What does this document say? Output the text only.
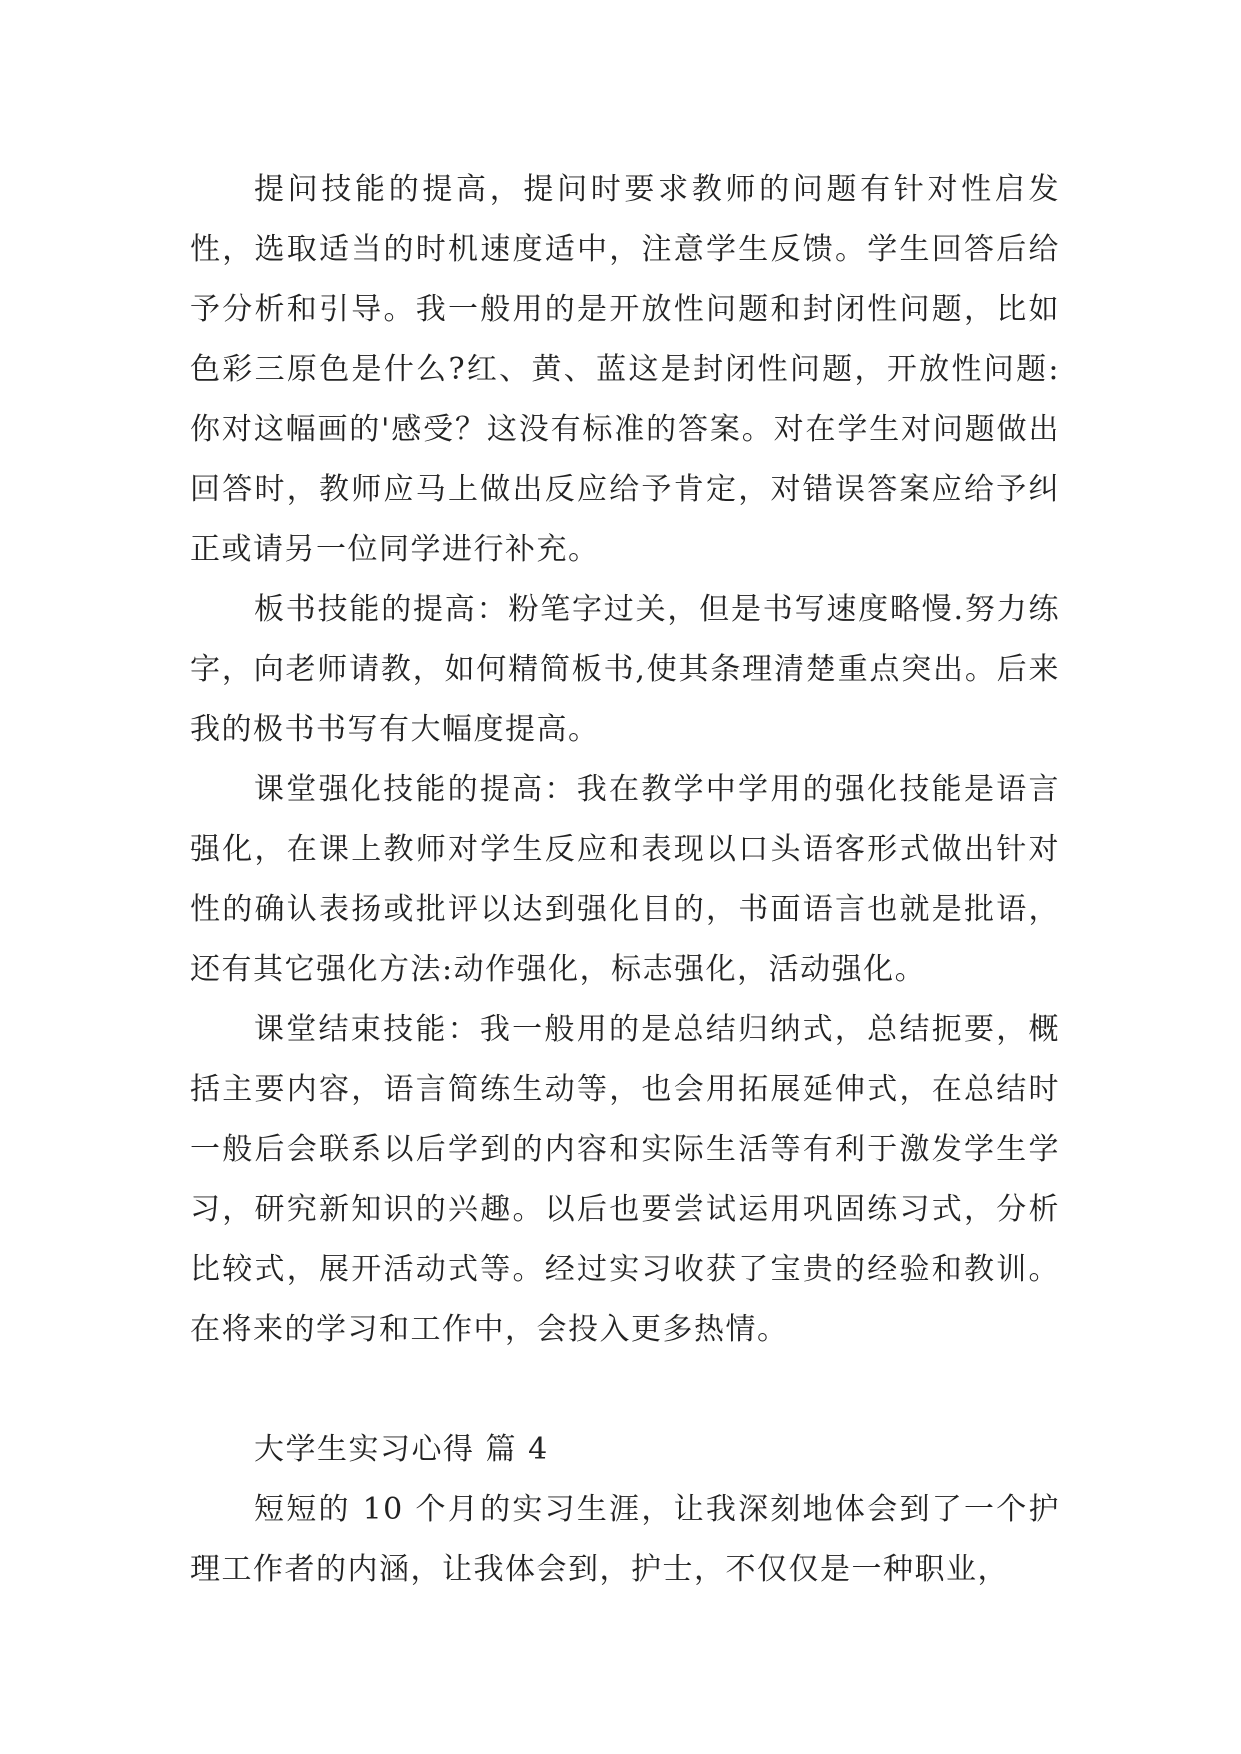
提问技能的提高，提问时要求教师的问题有针对性启发性，选取适当的时机速度适中，注意学生反馈。学生回答后给予分析和引导。我一般用的是开放性问题和封闭性问题，比如色彩三原色是什么?红、黄、蓝这是封闭性问题，开放性问题:你对这幅画的'感受？这没有标准的答案。对在学生对问题做出回答时，教师应马上做出反应给予肯定，对错误答案应给予纠正或请另一位同学进行补充。

板书技能的提高：粉笔字过关，但是书写速度略慢.努力练字，向老师请教，如何精简板书,使其条理清楚重点突出。后来我的极书书写有大幅度提高。

课堂强化技能的提高：我在教学中学用的强化技能是语言强化，在课上教师对学生反应和表现以口头语客形式做出针对性的确认表扬或批评以达到强化目的，书面语言也就是批语，还有其它强化方法:动作强化，标志强化，活动强化。

课堂结束技能：我一般用的是总结归纳式，总结扼要，概括主要内容，语言简练生动等，也会用拓展延伸式，在总结时一般后会联系以后学到的内容和实际生活等有利于激发学生学习，研究新知识的兴趣。以后也要尝试运用巩固练习式，分析比较式，展开活动式等。经过实习收获了宝贵的经验和教训。在将来的学习和工作中，会投入更多热情。

大学生实习心得 篇 4

短短的 10 个月的实习生涯，让我深刻地体会到了一个护理工作者的内涵，让我体会到，护士，不仅仅是一种职业，
